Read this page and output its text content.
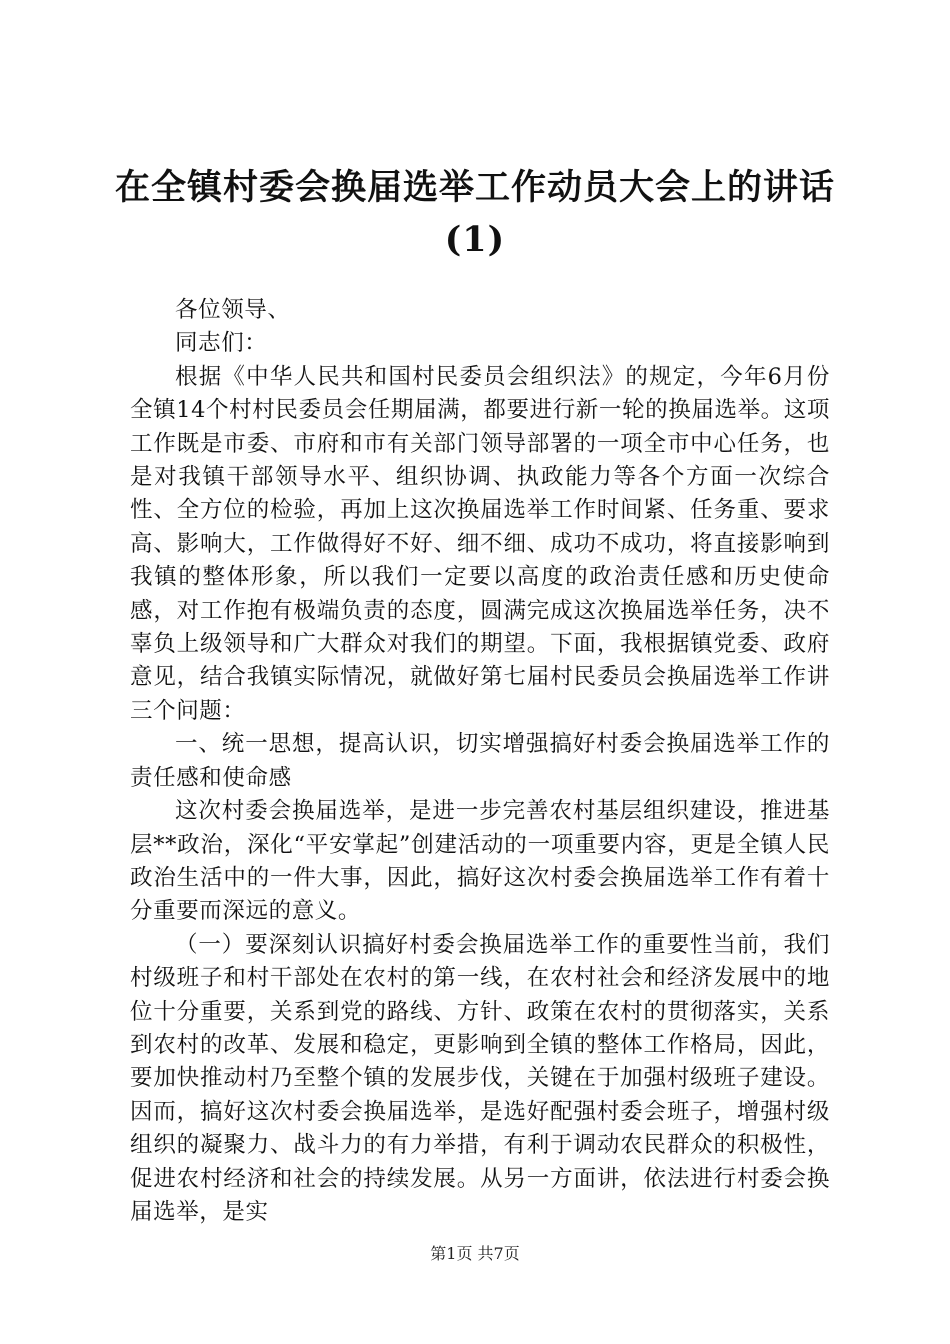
在全镇村委会换届选举工作动员大会上的讲话
(1)

各位领导、

同志们：

根据《中华人民共和国村民委员会组织法》的规定，今年6月份全镇14个村村民委员会任期届满，都要进行新一轮的换届选举。这项工作既是市委、市府和市有关部门领导部署的一项全市中心任务，也是对我镇干部领导水平、组织协调、执政能力等各个方面一次综合性、全方位的检验，再加上这次换届选举工作时间紧、任务重、要求高、影响大，工作做得好不好、细不细、成功不成功，将直接影响到我镇的整体形象，所以我们一定要以高度的政治责任感和历史使命感，对工作抱有极端负责的态度，圆满完成这次换届选举任务，决不辜负上级领导和广大群众对我们的期望。下面，我根据镇党委、政府意见，结合我镇实际情况，就做好第七届村民委员会换届选举工作讲三个问题：

一、统一思想，提高认识，切实增强搞好村委会换届选举工作的责任感和使命感

这次村委会换届选举，是进一步完善农村基层组织建设，推进基层**政治，深化“平安掌起”创建活动的一项重要内容，更是全镇人民政治生活中的一件大事，因此，搞好这次村委会换届选举工作有着十分重要而深远的意义。

（一）要深刻认识搞好村委会换届选举工作的重要性当前，我们村级班子和村干部处在农村的第一线，在农村社会和经济发展中的地位十分重要，关系到党的路线、方针、政策在农村的贯彻落实，关系到农村的改革、发展和稳定，更影响到全镇的整体工作格局，因此，要加快推动村乃至整个镇的发展步伐，关键在于加强村级班子建设。因而，搞好这次村委会换届选举，是选好配强村委会班子，增强村级组织的凝聚力、战斗力的有力举措，有利于调动农民群众的积极性，促进农村经济和社会的持续发展。从另一方面讲，依法进行村委会换届选举，是实

第1页 共7页
